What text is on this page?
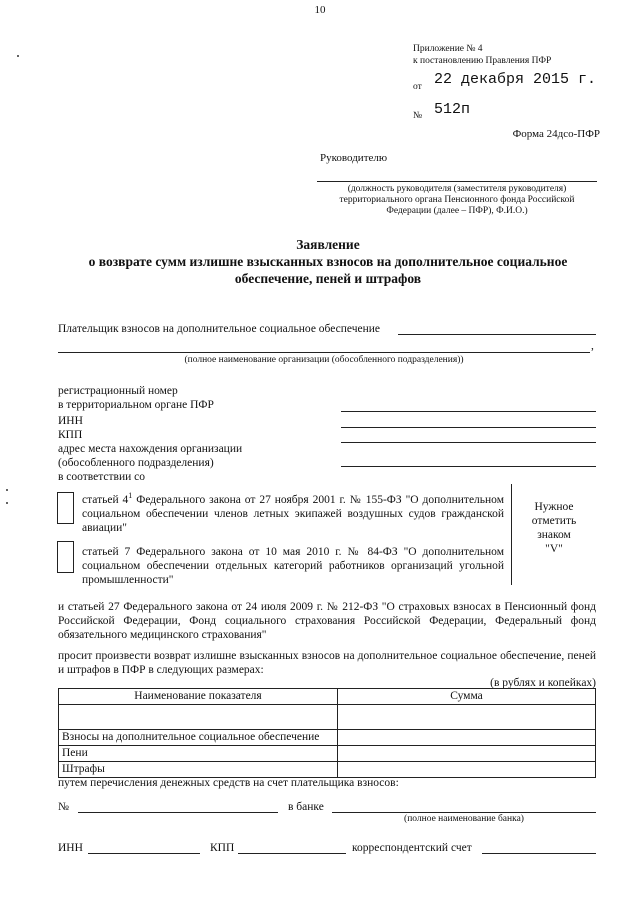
10
Приложение № 4
к постановлению Правления ПФР
от 22 декабря 2015 г.
№ 512п
Форма 24дсо-ПФР
Руководителю
(должность руководителя (заместителя руководителя)
территориального органа Пенсионного фонда Российской
Федерации (далее – ПФР), Ф.И.О.)
Заявление
о возврате сумм излишне взысканных взносов на дополнительное социальное
обеспечение, пеней и штрафов
Плательщик взносов на дополнительное социальное обеспечение
,
(полное наименование организации (обособленного подразделения))
регистрационный номер
в территориальном органе ПФР
ИНН
КПП
адрес места нахождения организации
(обособленного подразделения)
в соответствии со
статьей $4^1$ Федерального закона от 27 ноября 2001 г. № 155-ФЗ "О дополнительном социальном обеспечении членов летных экипажей воздушных судов гражданской авиации"
статьей 7 Федерального закона от 10 мая 2010 г. № 84-ФЗ "О дополнительном социальном обеспечении отдельных категорий работников организаций угольной промышленности"
Нужное
отметить
знаком
"V"
и статьей 27 Федерального закона от 24 июля 2009 г. № 212-ФЗ "О страховых взносах в Пенсионный фонд Российской Федерации, Фонд социального страхования Российской Федерации, Федеральный фонд обязательного медицинского страхования"
просит произвести возврат излишне взысканных взносов на дополнительное социальное обеспечение, пеней и штрафов в ПФР в следующих размерах:
(в рублях и копейках)
Наименование показателя	Сумма

Взносы на дополнительное социальное обеспечение	
Пени	
Штрафы	
путем перечисления денежных средств на счет плательщика взносов:
№	в банке
(полное наименование банка)
ИНН	КПП	корреспондентский счет
